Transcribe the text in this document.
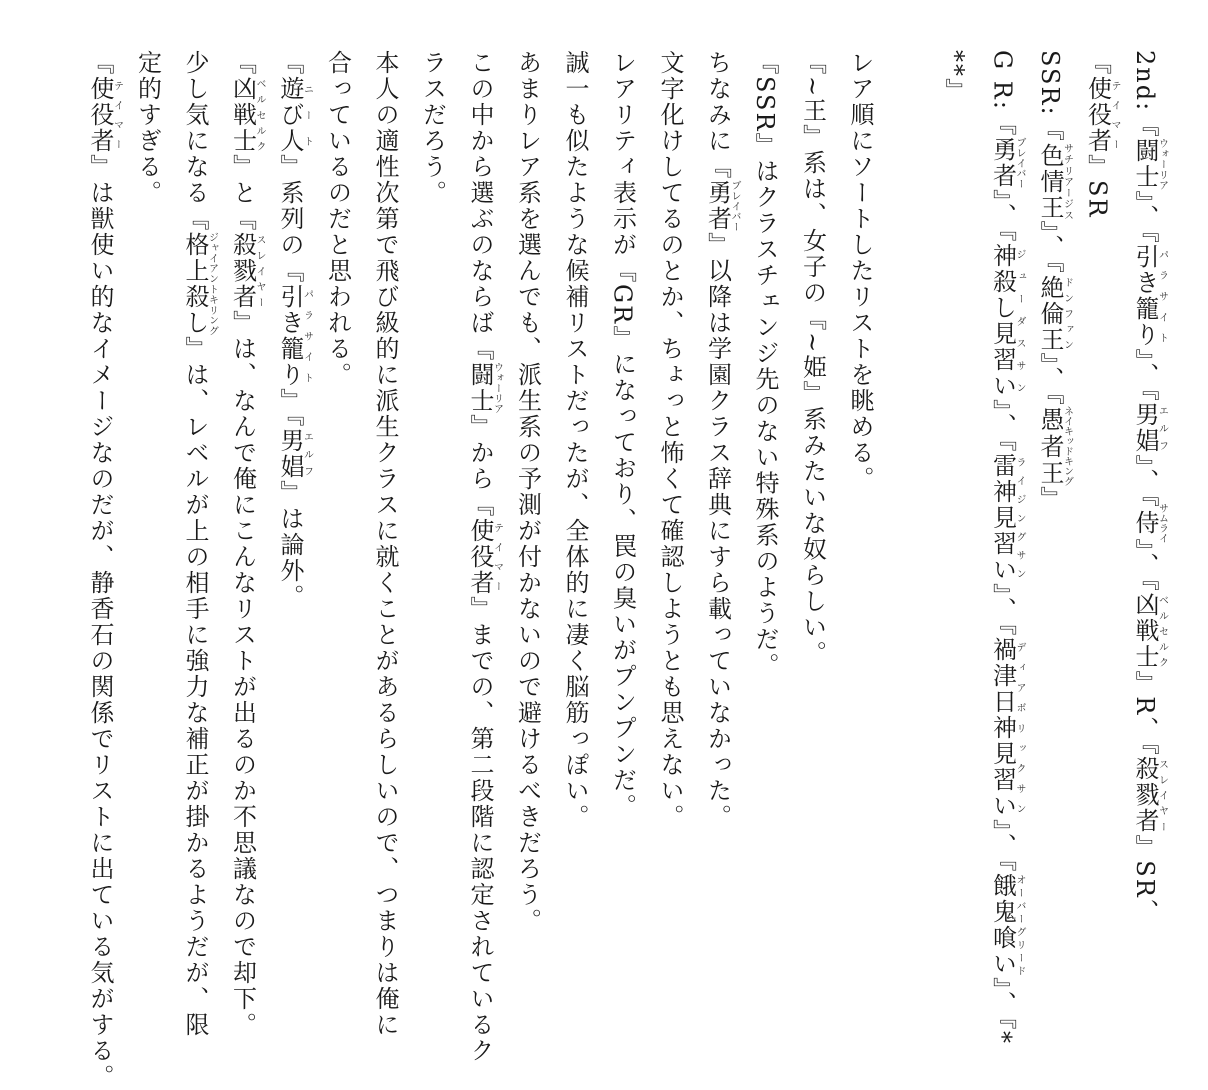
2nd:『闘士ウォーリア』、『引き籠りパラサイト』、『男娼エルフ』、『侍サムライ』、『凶戦士ベルセルク』R、『殺戮者スレイヤー』SR、
『使役者テイマー』SR
SSR:『色情王サチリアージス』、『絶倫王ドンファン』、『愚者王ネイキッドキング』
G R:『勇者ブレイバー』、『神殺し見習いジューダスサン』、『雷神見習いライジングサン』、『禍津日神見習いディアボリックサン』、『餓鬼喰いオーバーグリード』、『*
**』

レア順にソートしたリストを眺める。
『~王』系は、女子の『~姫』系みたいな奴らしい。
『SSR』はクラスチェンジ先のない特殊系のようだ。
ちなみに『勇者ブレイバー』以降は学園クラス辞典にすら載っていなかった。
文字化けしてるのとか、ちょっと怖くて確認しようとも思えない。
レアリティ表示が『GR』になっており、罠の臭いがプンプンだ。
誠一も似たような候補リストだったが、全体的に凄く脳筋っぽい。
あまりレア系を選んでも、派生系の予測が付かないので避けるべきだろう。
この中から選ぶのならば『闘士ウォーリア』から『使役者テイマー』までの、第二段階に認定されているク
ラスだろう。
本人の適性次第で飛び級的に派生クラスに就くことがあるらしいので、つまりは俺に
合っているのだと思われる。
『遊び人ニート』系列の『引き籠りパラサイト』『男娼エルフ』は論外。
『凶戦士ベルセルク』と『殺戮者スレイヤー』は、なんで俺にこんなリストが出るのか不思議なので却下。
少し気になる『格上殺しジャイアントキリング』は、レベルが上の相手に強力な補正が掛かるようだが、限
定的すぎる。
『使役者テイマー』は獣使い的なイメージなのだが、静香石の関係でリストに出ている気がする。
